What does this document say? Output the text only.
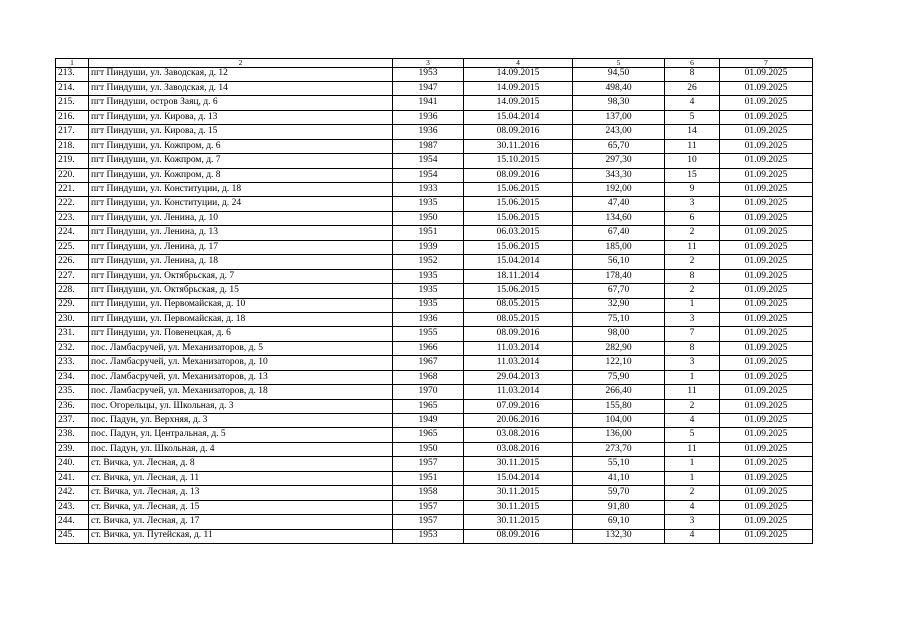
1	2	3	4	5	6	7
213.	пгт Пиндуши, ул. Заводская, д. 12	1953	14.09.2015	94,50	8	01.09.2025
214.	пгт Пиндуши, ул. Заводская, д. 14	1947	14.09.2015	498,40	26	01.09.2025
215.	пгт Пиндуши, остров Заяц, д. 6	1941	14.09.2015	98,30	4	01.09.2025
216.	пгт Пиндуши, ул. Кирова, д. 13	1936	15.04.2014	137,00	5	01.09.2025
217.	пгт Пиндуши, ул. Кирова, д. 15	1936	08.09.2016	243,00	14	01.09.2025
218.	пгт Пиндуши, ул. Кожпром, д. 6	1987	30.11.2016	65,70	11	01.09.2025
219.	пгт Пиндуши, ул. Кожпром, д. 7	1954	15.10.2015	297,30	10	01.09.2025
220.	пгт Пиндуши, ул. Кожпром, д. 8	1954	08.09.2016	343,30	15	01.09.2025
221.	пгт Пиндуши, ул. Конституции, д. 18	1933	15.06.2015	192,00	9	01.09.2025
222.	пгт Пиндуши, ул. Конституции, д. 24	1935	15.06.2015	47,40	3	01.09.2025
223.	пгт Пиндуши, ул. Ленина, д. 10	1950	15.06.2015	134,60	6	01.09.2025
224.	пгт Пиндуши, ул. Ленина, д. 13	1951	06.03.2015	67,40	2	01.09.2025
225.	пгт Пиндуши, ул. Ленина, д. 17	1939	15.06.2015	185,00	11	01.09.2025
226.	пгт Пиндуши, ул. Ленина, д. 18	1952	15.04.2014	56,10	2	01.09.2025
227.	пгт Пиндуши, ул. Октябрьская, д. 7	1935	18.11.2014	178,40	8	01.09.2025
228.	пгт Пиндуши, ул. Октябрьская, д. 15	1935	15.06.2015	67,70	2	01.09.2025
229.	пгт Пиндуши, ул. Первомайская, д. 10	1935	08.05.2015	32,90	1	01.09.2025
230.	пгт Пиндуши, ул. Первомайская, д. 18	1936	08.05.2015	75,10	3	01.09.2025
231.	пгт Пиндуши, ул. Повенецкая, д. 6	1955	08.09.2016	98,00	7	01.09.2025
232.	пос. Ламбасручей, ул. Механизаторов, д. 5	1966	11.03.2014	282,90	8	01.09.2025
233.	пос. Ламбасручей, ул. Механизаторов, д. 10	1967	11.03.2014	122,10	3	01.09.2025
234.	пос. Ламбасручей, ул. Механизаторов, д. 13	1968	29.04.2013	75,90	1	01.09.2025
235.	пос. Ламбасручей, ул. Механизаторов, д. 18	1970	11.03.2014	266,40	11	01.09.2025
236.	пос. Огорельцы, ул. Школьная, д. 3	1965	07.09.2016	155,80	2	01.09.2025
237.	пос. Падун, ул. Верхняя, д. 3	1949	20.06.2016	104,00	4	01.09.2025
238.	пос. Падун, ул. Центральная, д. 5	1965	03.08.2016	136,00	5	01.09.2025
239.	пос. Падун, ул. Школьная, д. 4	1950	03.08.2016	273,70	11	01.09.2025
240.	ст. Вичка, ул. Лесная, д. 8	1957	30.11.2015	55,10	1	01.09.2025
241.	ст. Вичка, ул. Лесная, д. 11	1951	15.04.2014	41,10	1	01.09.2025
242.	ст. Вичка, ул. Лесная, д. 13	1958	30.11.2015	59,70	2	01.09.2025
243.	ст. Вичка, ул. Лесная, д. 15	1957	30.11.2015	91,80	4	01.09.2025
244.	ст. Вичка, ул. Лесная, д. 17	1957	30.11.2015	69,10	3	01.09.2025
245.	ст. Вичка, ул. Путейская, д. 11	1953	08.09.2016	132,30	4	01.09.2025
